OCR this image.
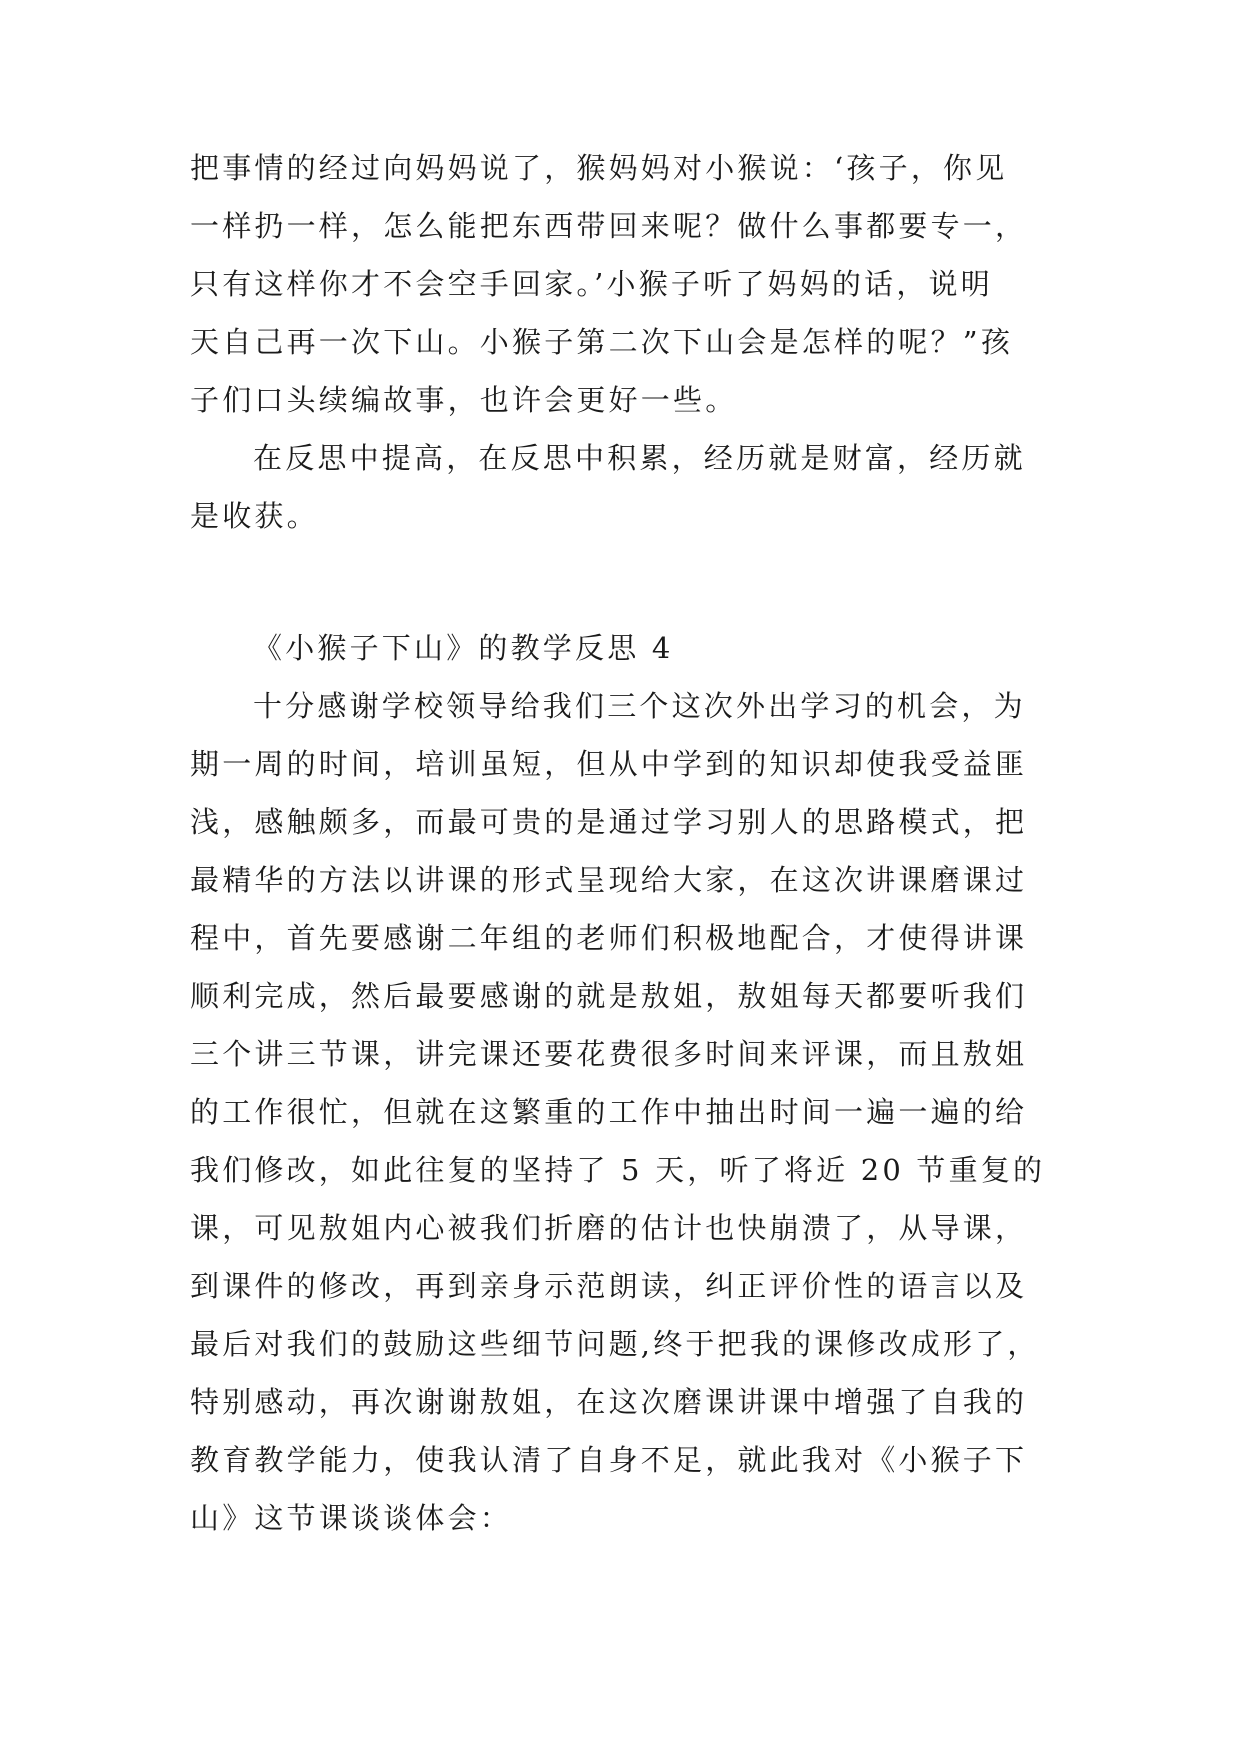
把事情的经过向妈妈说了，猴妈妈对小猴说：‘孩子，你见
一样扔一样，怎么能把东西带回来呢？做什么事都要专一，
只有这样你才不会空手回家。’小猴子听了妈妈的话，说明
天自己再一次下山。小猴子第二次下山会是怎样的呢？”孩
子们口头续编故事，也许会更好一些。
在反思中提高，在反思中积累，经历就是财富，经历就
是收获。
《小猴子下山》的教学反思 4
十分感谢学校领导给我们三个这次外出学习的机会，为
期一周的时间，培训虽短，但从中学到的知识却使我受益匪
浅，感触颇多，而最可贵的是通过学习别人的思路模式，把
最精华的方法以讲课的形式呈现给大家，在这次讲课磨课过
程中，首先要感谢二年组的老师们积极地配合，才使得讲课
顺利完成，然后最要感谢的就是敖姐，敖姐每天都要听我们
三个讲三节课，讲完课还要花费很多时间来评课，而且敖姐
的工作很忙，但就在这繁重的工作中抽出时间一遍一遍的给
我们修改，如此往复的坚持了 5 天，听了将近 20 节重复的
课，可见敖姐内心被我们折磨的估计也快崩溃了，从导课，
到课件的修改，再到亲身示范朗读，纠正评价性的语言以及
最后对我们的鼓励这些细节问题,终于把我的课修改成形了，
特别感动，再次谢谢敖姐，在这次磨课讲课中增强了自我的
教育教学能力，使我认清了自身不足，就此我对《小猴子下
山》这节课谈谈体会：
